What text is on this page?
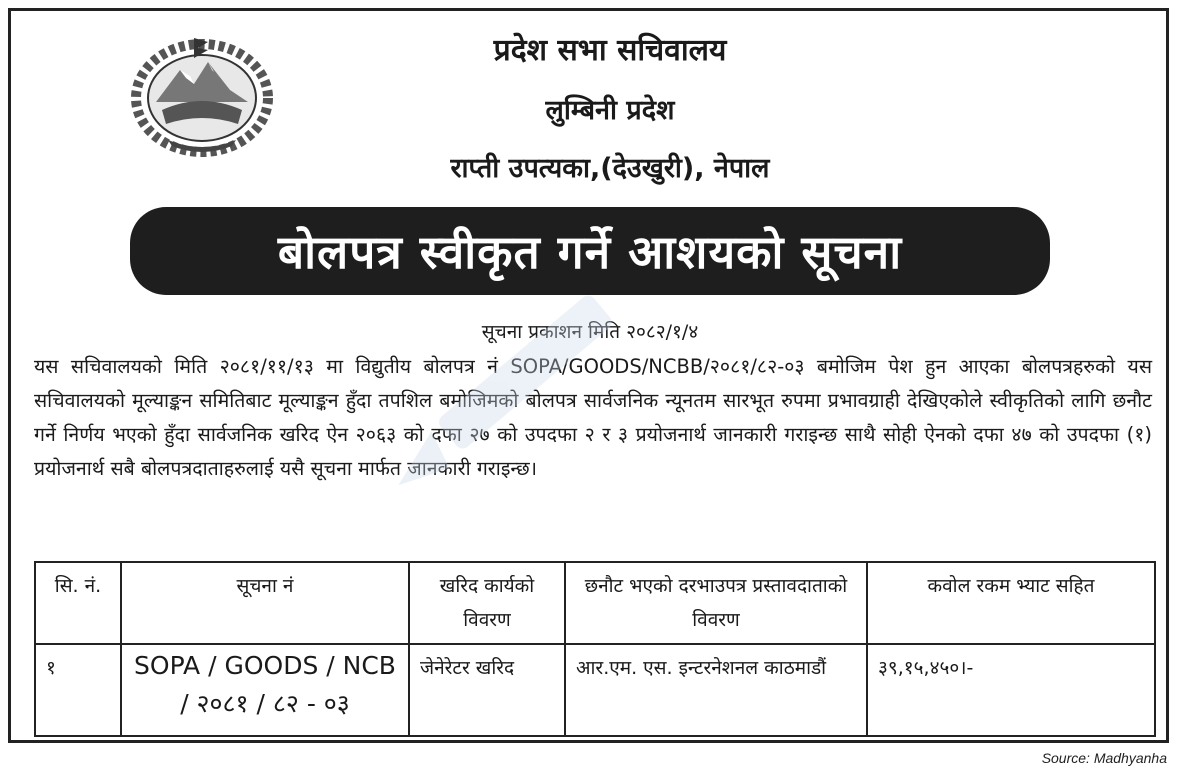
प्रदेश सभा सचिवालय
लुम्बिनी प्रदेश
राप्ती उपत्यका,(देउखुरी), नेपाल
बोलपत्र स्वीकृत गर्ने आशयको सूचना
सूचना प्रकाशन मिति २०८२/१/४
यस सचिवालयको मिति २०८१/११/१३ मा विद्युतीय बोलपत्र नं SOPA/GOODS/NCBB/२०८१/८२-०३ बमोजिम पेश हुन आएका बोलपत्रहरुको यस सचिवालयको मूल्याङ्कन समितिबाट मूल्याङ्कन हुँदा तपशिल बमोजिमको बोलपत्र सार्वजनिक न्यूनतम सारभूत रुपमा प्रभावग्राही देखिएकोले स्वीकृतिको लागि छनौट गर्ने निर्णय भएको हुँदा सार्वजनिक खरिद ऐन २०६३ को दफा २७ को उपदफा २ र ३ प्रयोजनार्थ जानकारी गराइन्छ साथै सोही ऐनको दफा ४७ को उपदफा (१) प्रयोजनार्थ सबै बोलपत्रदाताहरुलाई यसै सूचना मार्फत जानकारी गराइन्छ।
सि. नं.	सूचना नं	खरिद कार्यको विवरण	छनौट भएको दरभाउपत्र प्रस्तावदाताको विवरण	कवोल रकम भ्याट सहित
१	SOPA / GOODS / NCB / २०८१ / ८२ - ०३	जेनेरेटर खरिद	आर.एम. एस. इन्टरनेशनल काठमाडौं	३९,१५,४५०।-
Source: Madhyanha
